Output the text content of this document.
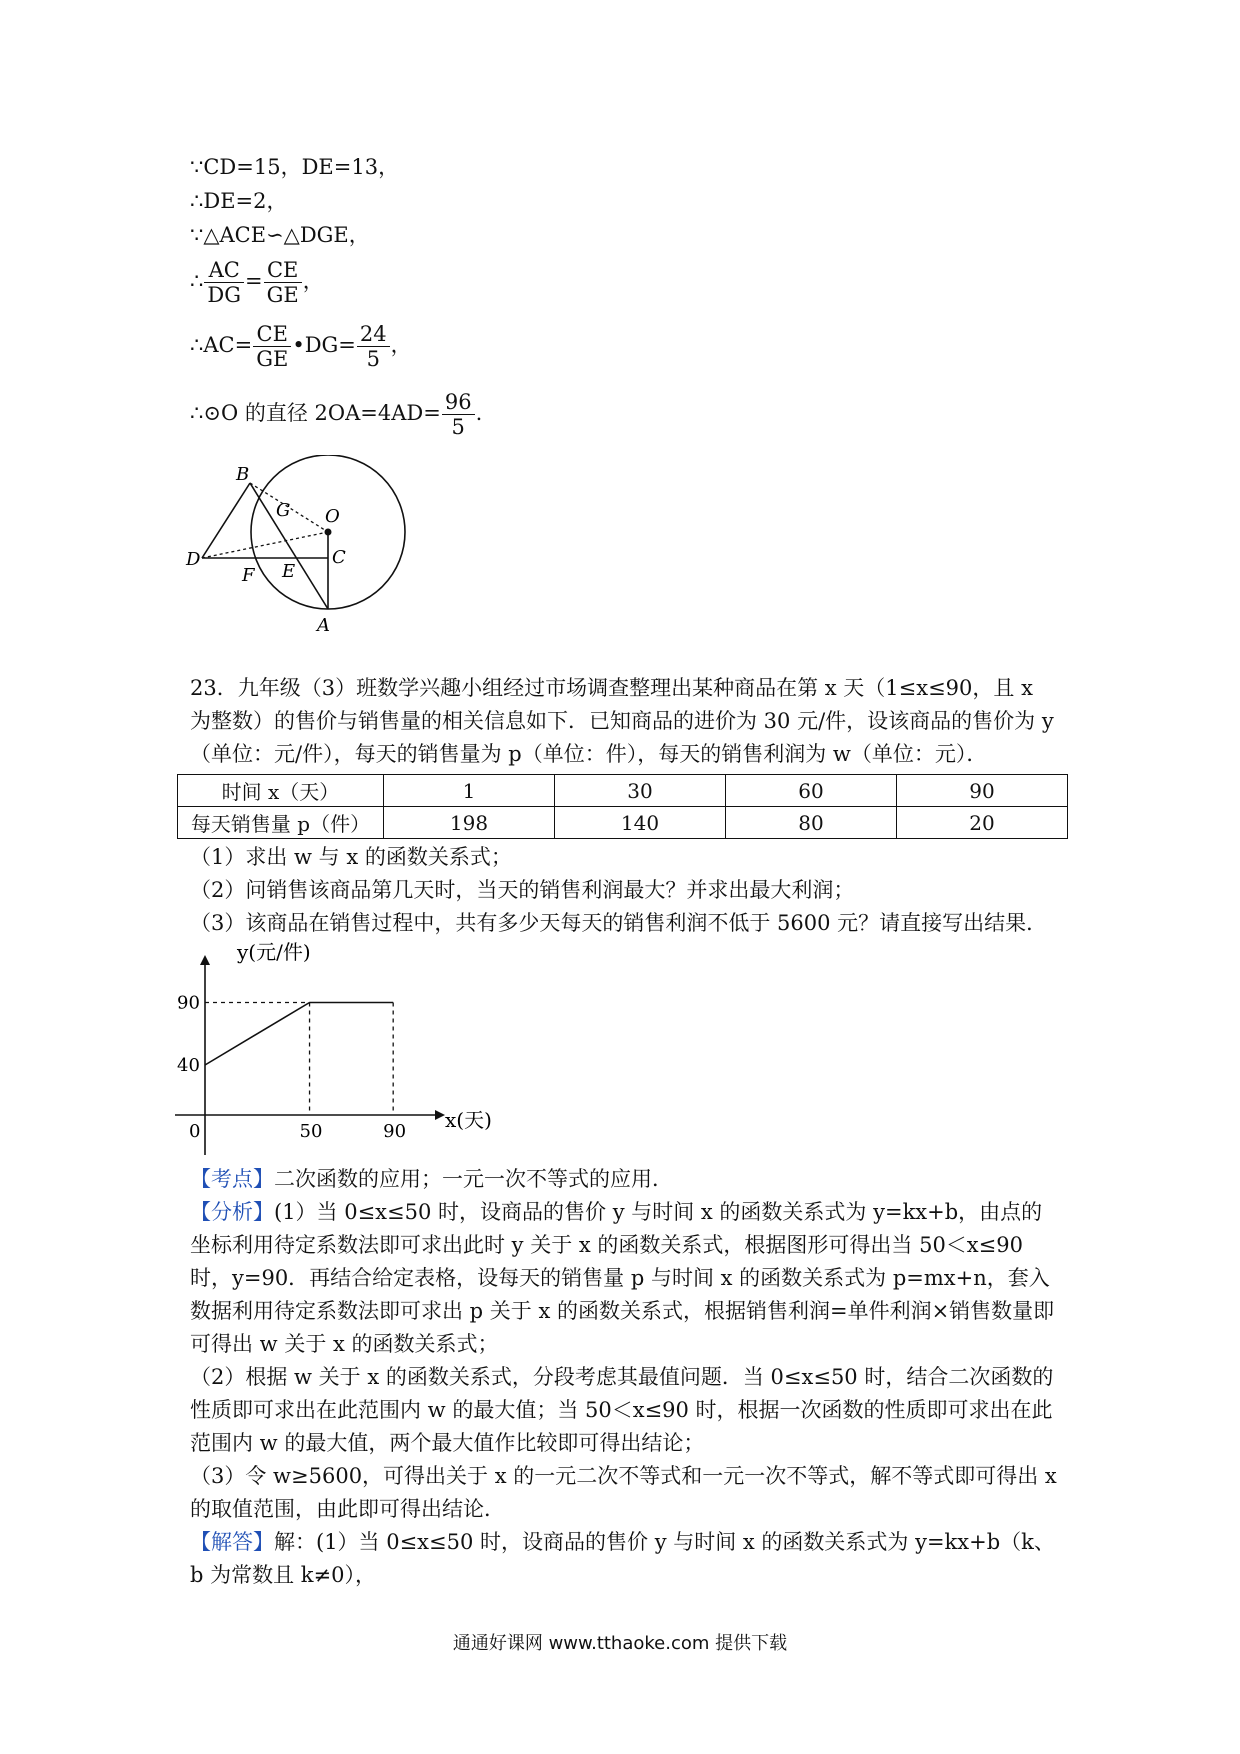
∵CD=15，DE=13，
∴DE=2，
∵△ACE∽△DGE，
∴ $\frac{AC}{DG} = \frac{CE}{GE}$ ，
∴AC= $\frac{CE}{GE}$ •DG= $\frac{24}{5}$ ，
∴⊙O 的直径 $2OA=4AD= \frac{96}{5}$ .
B
G O
D	C
F E
A
23．九年级（3）班数学兴趣小组经过市场调查整理出某种商品在第 x 天（1≤x≤90，且 x 为整数）的售价与销售量的相关信息如下．已知商品的进价为 30 元/件，设该商品的售价为 y（单位：元/件），每天的销售量为 p（单位：件），每天的销售利润为 w（单位：元）．
时间 x（天）	1	30	60	90
每天销售量 p（件）	198	140	80	20
（1）求出 w 与 x 的函数关系式；
（2）问销售该商品第几天时，当天的销售利润最大？并求出最大利润；
（3）该商品在销售过程中，共有多少天每天的销售利润不低于 5600 元？请直接写出结果．
0	50	90
40
90
y(元/件)
x(天)
【考点】二次函数的应用；一元一次不等式的应用．
【分析】(1）当 0≤x≤50 时，设商品的售价 y 与时间 x 的函数关系式为 y=kx+b，由点的坐标利用待定系数法即可求出此时 y 关于 x 的函数关系式，根据图形可得出当 50＜x≤90 时，y=90．再结合给定表格，设每天的销售量 p 与时间 x 的函数关系式为 p=mx+n，套入数据利用待定系数法即可求出 p 关于 x 的函数关系式，根据销售利润=单件利润×销售数量即可得出 w 关于 x 的函数关系式；
（2）根据 w 关于 x 的函数关系式，分段考虑其最值问题．当 0≤x≤50 时，结合二次函数的性质即可求出在此范围内 w 的最大值；当 50＜x≤90 时，根据一次函数的性质即可求出在此范围内 w 的最大值，两个最大值作比较即可得出结论；
（3）令 w≥5600，可得出关于 x 的一元二次不等式和一元一次不等式，解不等式即可得出 x 的取值范围，由此即可得出结论．
【解答】解：(1）当 0≤x≤50 时，设商品的售价 y 与时间 x 的函数关系式为 y=kx+b（k、b 为常数且 k≠0），
通通好课网 www.tthaoke.com 提供下载
